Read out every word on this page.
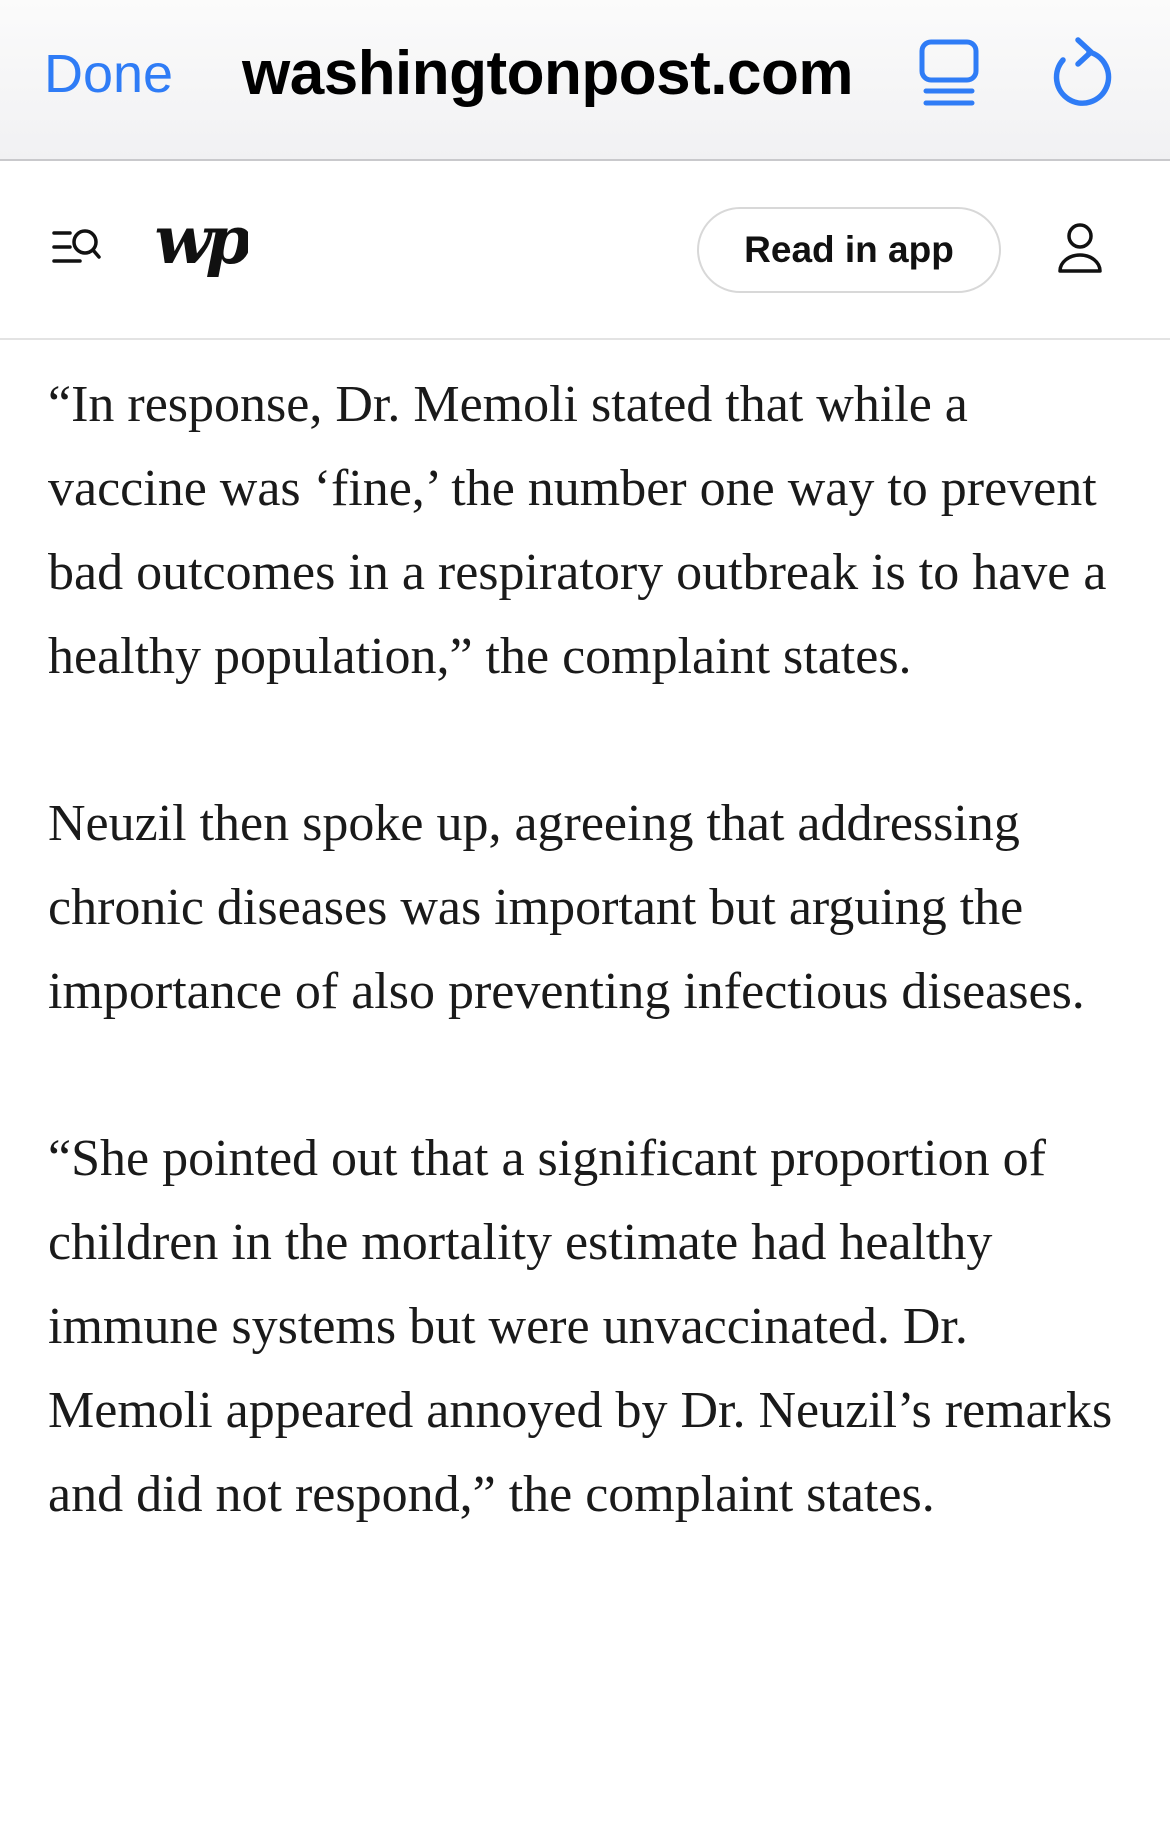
Done washingtonpost.com
wp	Read in app

“In response, Dr. Memoli stated that while a vaccine was ‘fine,’ the number one way to prevent bad outcomes in a respiratory outbreak is to have a healthy population,” the complaint states.

Neuzil then spoke up, agreeing that addressing chronic diseases was important but arguing the importance of also preventing infectious diseases.

“She pointed out that a significant proportion of children in the mortality estimate had healthy immune systems but were unvaccinated. Dr. Memoli appeared annoyed by Dr. Neuzil’s remarks and did not respond,” the complaint states.
